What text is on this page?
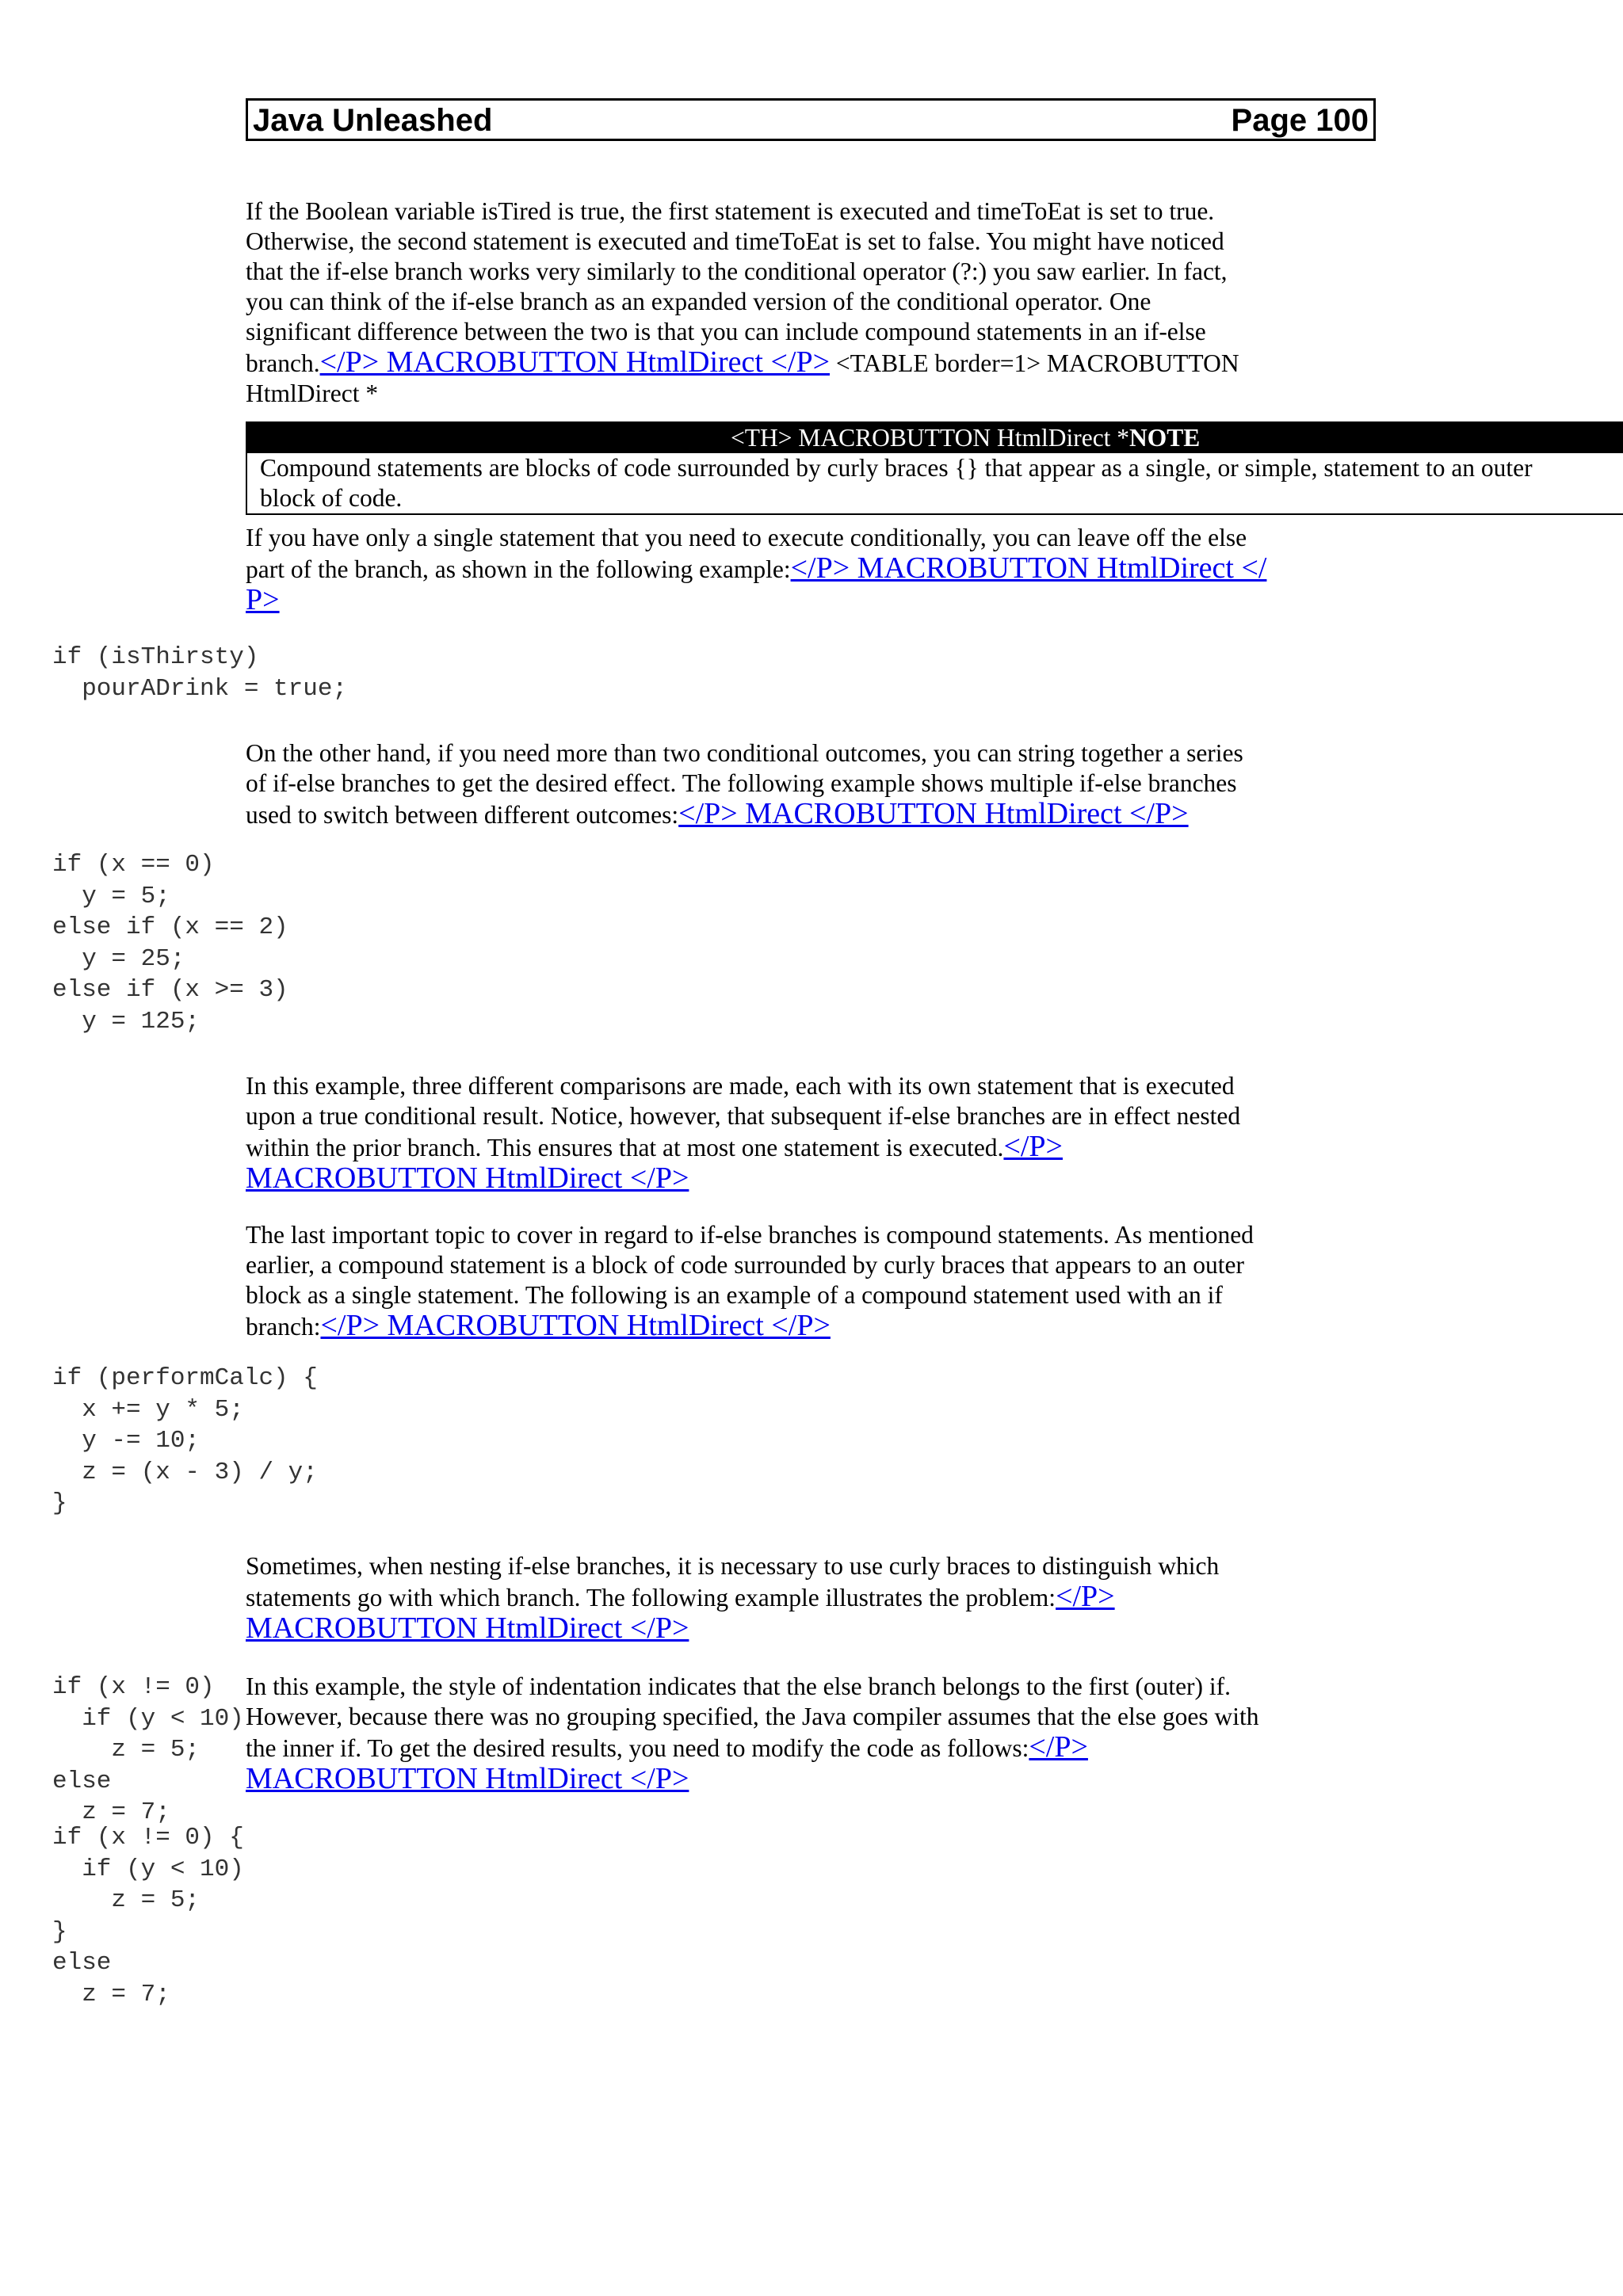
Java Unleashed	Page 100
If the Boolean variable isTired is true, the first statement is executed and timeToEat is set to true.
Otherwise, the second statement is executed and timeToEat is set to false. You might have noticed
that the if-else branch works very similarly to the conditional operator (?:) you saw earlier. In fact,
you can think of the if-else branch as an expanded version of the conditional operator. One
significant difference between the two is that you can include compound statements in an if-else
branch.</P> MACROBUTTON HtmlDirect </P> <TABLE border=1> MACROBUTTON
HtmlDirect *
<TH> MACROBUTTON HtmlDirect *NOTE
Compound statements are blocks of code surrounded by curly braces {} that appear as a single, or simple, statement to an outer
block of code.
If you have only a single statement that you need to execute conditionally, you can leave off the else
part of the branch, as shown in the following example:</P> MACROBUTTON HtmlDirect </
P>
if (isThirsty)
pourADrink = true;
On the other hand, if you need more than two conditional outcomes, you can string together a series
of if-else branches to get the desired effect. The following example shows multiple if-else branches
used to switch between different outcomes:</P> MACROBUTTON HtmlDirect </P>
if (x == 0)
y = 5;
else if (x == 2)
y = 25;
else if (x >= 3)
y = 125;
In this example, three different comparisons are made, each with its own statement that is executed
upon a true conditional result. Notice, however, that subsequent if-else branches are in effect nested
within the prior branch. This ensures that at most one statement is executed.</P>
MACROBUTTON HtmlDirect </P>
The last important topic to cover in regard to if-else branches is compound statements. As mentioned
earlier, a compound statement is a block of code surrounded by curly braces that appears to an outer
block as a single statement. The following is an example of a compound statement used with an if
branch:</P> MACROBUTTON HtmlDirect </P>
if (performCalc) {
x += y * 5;
y -= 10;
z = (x - 3) / y;
}
Sometimes, when nesting if-else branches, it is necessary to use curly braces to distinguish which
statements go with which branch. The following example illustrates the problem:</P>
MACROBUTTON HtmlDirect </P>
if (x != 0)
if (y < 10)
z = 5;
else
z = 7;
In this example, the style of indentation indicates that the else branch belongs to the first (outer) if.
However, because there was no grouping specified, the Java compiler assumes that the else goes with
the inner if. To get the desired results, you need to modify the code as follows:</P>
MACROBUTTON HtmlDirect </P>
if (x != 0) {
if (y < 10)
z = 5;
}
else
z = 7;
